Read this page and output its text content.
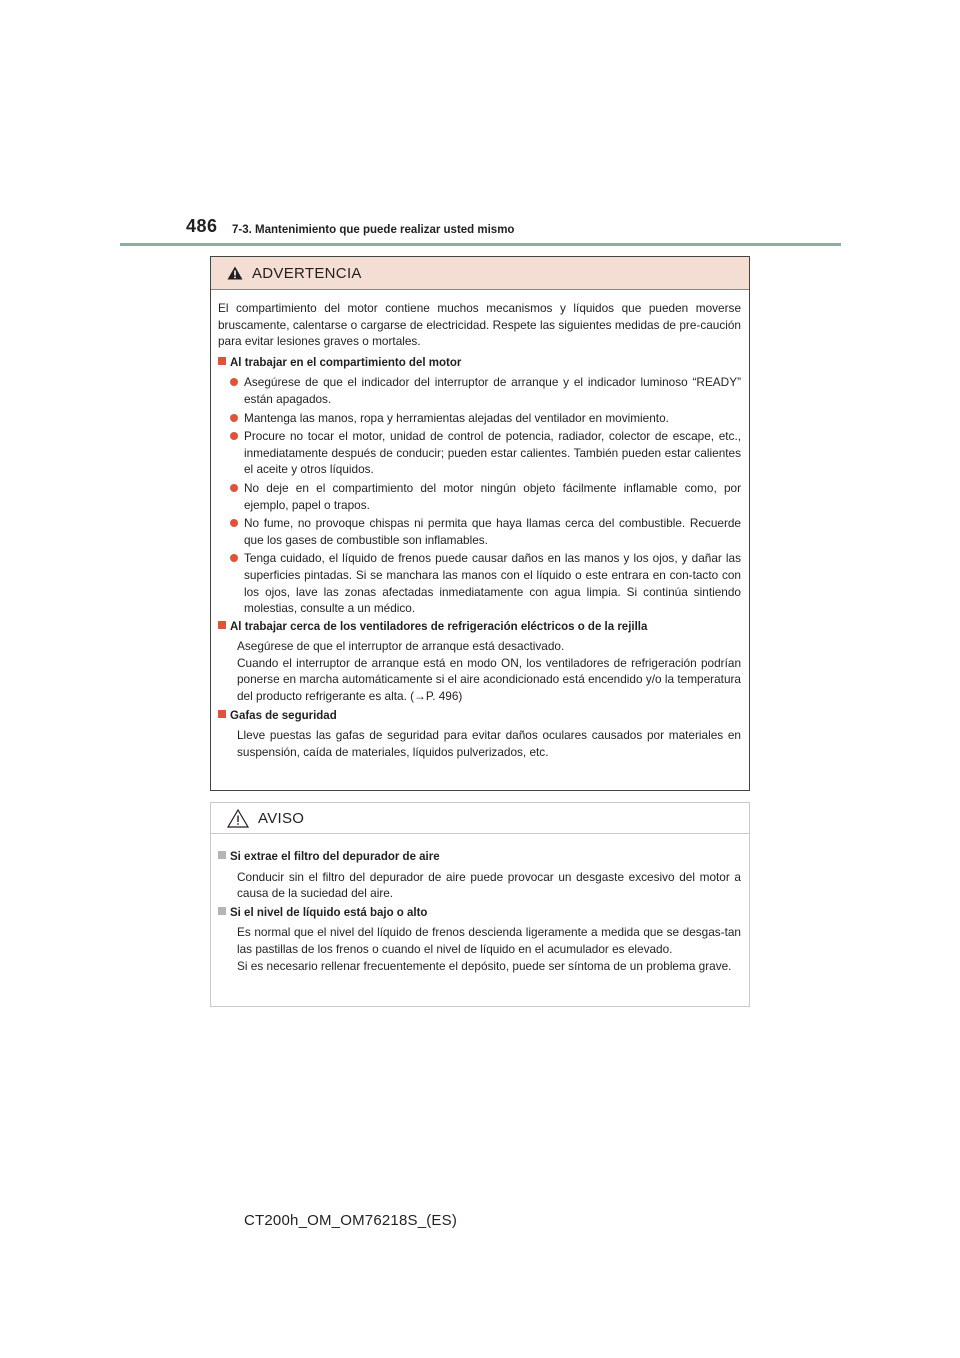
486 7-3. Mantenimiento que puede realizar usted mismo
ADVERTENCIA

El compartimiento del motor contiene muchos mecanismos y líquidos que pueden moverse bruscamente, calentarse o cargarse de electricidad. Respete las siguientes medidas de pre-caución para evitar lesiones graves o mortales.

Al trabajar en el compartimiento del motor
Asegúrese de que el indicador del interruptor de arranque y el indicador luminoso “READY” están apagados.
Mantenga las manos, ropa y herramientas alejadas del ventilador en movimiento.
Procure no tocar el motor, unidad de control de potencia, radiador, colector de escape, etc., inmediatamente después de conducir; pueden estar calientes. También pueden estar calientes el aceite y otros líquidos.
No deje en el compartimiento del motor ningún objeto fácilmente inflamable como, por ejemplo, papel o trapos.
No fume, no provoque chispas ni permita que haya llamas cerca del combustible. Recuerde que los gases de combustible son inflamables.
Tenga cuidado, el líquido de frenos puede causar daños en las manos y los ojos, y dañar las superficies pintadas. Si se manchara las manos con el líquido o este entrara en con-tacto con los ojos, lave las zonas afectadas inmediatamente con agua limpia. Si continúa sintiendo molestias, consulte a un médico.
Al trabajar cerca de los ventiladores de refrigeración eléctricos o de la rejilla

Asegúrese de que el interruptor de arranque está desactivado.

Cuando el interruptor de arranque está en modo ON, los ventiladores de refrigeración podrían ponerse en marcha automáticamente si el aire acondicionado está encendido y/o la temperatura del producto refrigerante es alta. (→P. 496)

Gafas de seguridad

Lleve puestas las gafas de seguridad para evitar daños oculares causados por materiales en suspensión, caída de materiales, líquidos pulverizados, etc.

AVISO
Si extrae el filtro del depurador de aire

Conducir sin el filtro del depurador de aire puede provocar un desgaste excesivo del motor a causa de la suciedad del aire.

Si el nivel de líquido está bajo o alto

Es normal que el nivel del líquido de frenos descienda ligeramente a medida que se desgas-tan las pastillas de los frenos o cuando el nivel de líquido en el acumulador es elevado.

Si es necesario rellenar frecuentemente el depósito, puede ser síntoma de un problema grave.

CT200h_OM_OM76218S_(ES)
